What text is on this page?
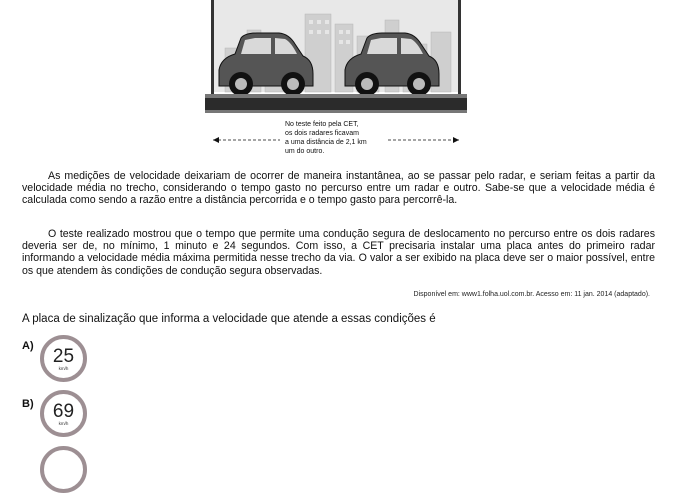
No teste feito pela CET,
os dois radares ficavam
a uma distância de 2,1 km
um do outro.

As medições de velocidade deixariam de ocorrer de maneira instantânea, ao se passar pelo radar, e seriam feitas a partir da velocidade média no trecho, considerando o tempo gasto no percurso entre um radar e outro. Sabe-se que a velocidade média é calculada como sendo a razão entre a distância percorrida e o tempo gasto para percorrê-la.

O teste realizado mostrou que o tempo que permite uma condução segura de deslocamento no percurso entre os dois radares deveria ser de, no mínimo, 1 minuto e 24 segundos. Com isso, a CET precisaria instalar uma placa antes do primeiro radar informando a velocidade média máxima permitida nesse trecho da via. O valor a ser exibido na placa deve ser o maior possível, entre os que atendem às condições de condução segura observadas.

Disponível em: www1.folha.uol.com.br. Acesso em: 11 jan. 2014 (adaptado).
A placa de sinalização que informa a velocidade que atende a essas condições é
A)	25
km/h
B)	69
km/h
